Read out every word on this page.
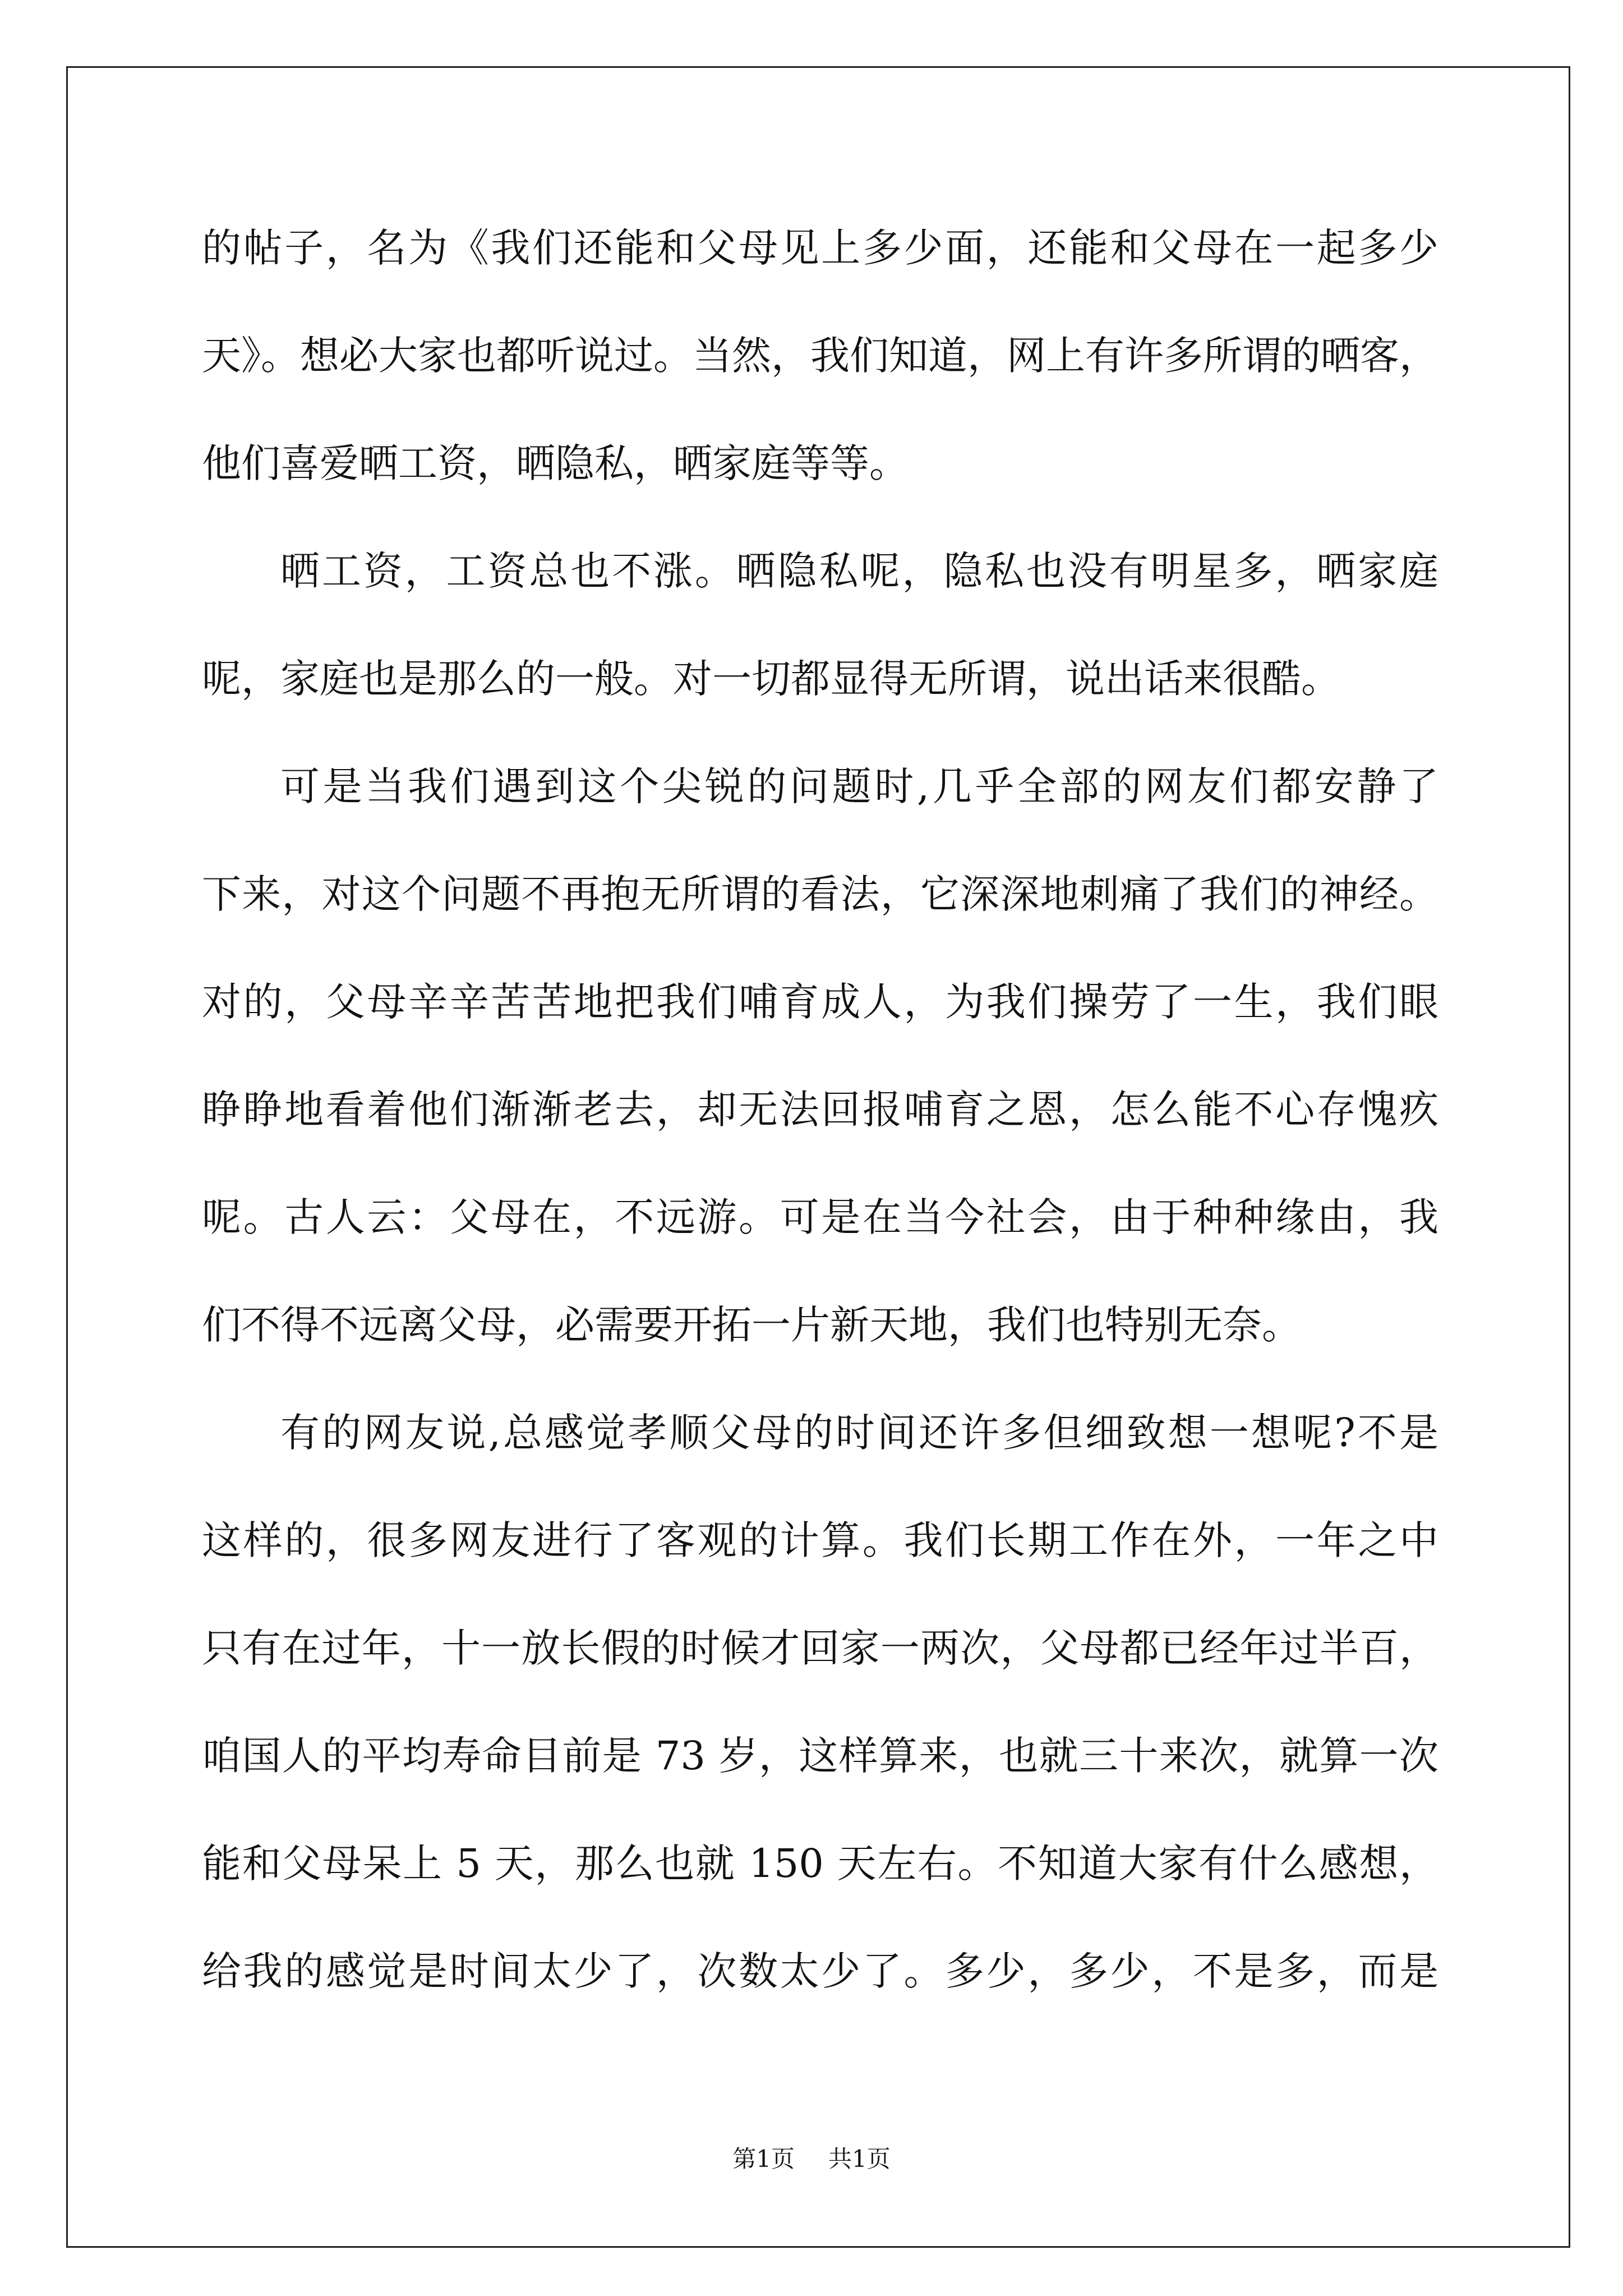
的帖子，名为《我们还能和父母见上多少面，还能和父母在一起多少
天》。想必大家也都听说过。当然，我们知道，网上有许多所谓的晒客，
他们喜爱晒工资，晒隐私，晒家庭等等。
晒工资，工资总也不涨。晒隐私呢，隐私也没有明星多，晒家庭
呢，家庭也是那么的一般。对一切都显得无所谓，说出话来很酷。
可是当我们遇到这个尖锐的问题时,几乎全部的网友们都安静了
下来，对这个问题不再抱无所谓的看法，它深深地刺痛了我们的神经。
对的，父母辛辛苦苦地把我们哺育成人，为我们操劳了一生，我们眼
睁睁地看着他们渐渐老去，却无法回报哺育之恩，怎么能不心存愧疚
呢。古人云：父母在，不远游。可是在当今社会，由于种种缘由，我
们不得不远离父母，必需要开拓一片新天地，我们也特别无奈。
有的网友说,总感觉孝顺父母的时间还许多但细致想一想呢?不是
这样的，很多网友进行了客观的计算。我们长期工作在外，一年之中
只有在过年，十一放长假的时候才回家一两次，父母都已经年过半百，
咱国人的平均寿命目前是 73 岁，这样算来，也就三十来次，就算一次
能和父母呆上 5 天，那么也就 150 天左右。不知道大家有什么感想，
给我的感觉是时间太少了，次数太少了。多少，多少，不是多，而是
第1页 共1页
